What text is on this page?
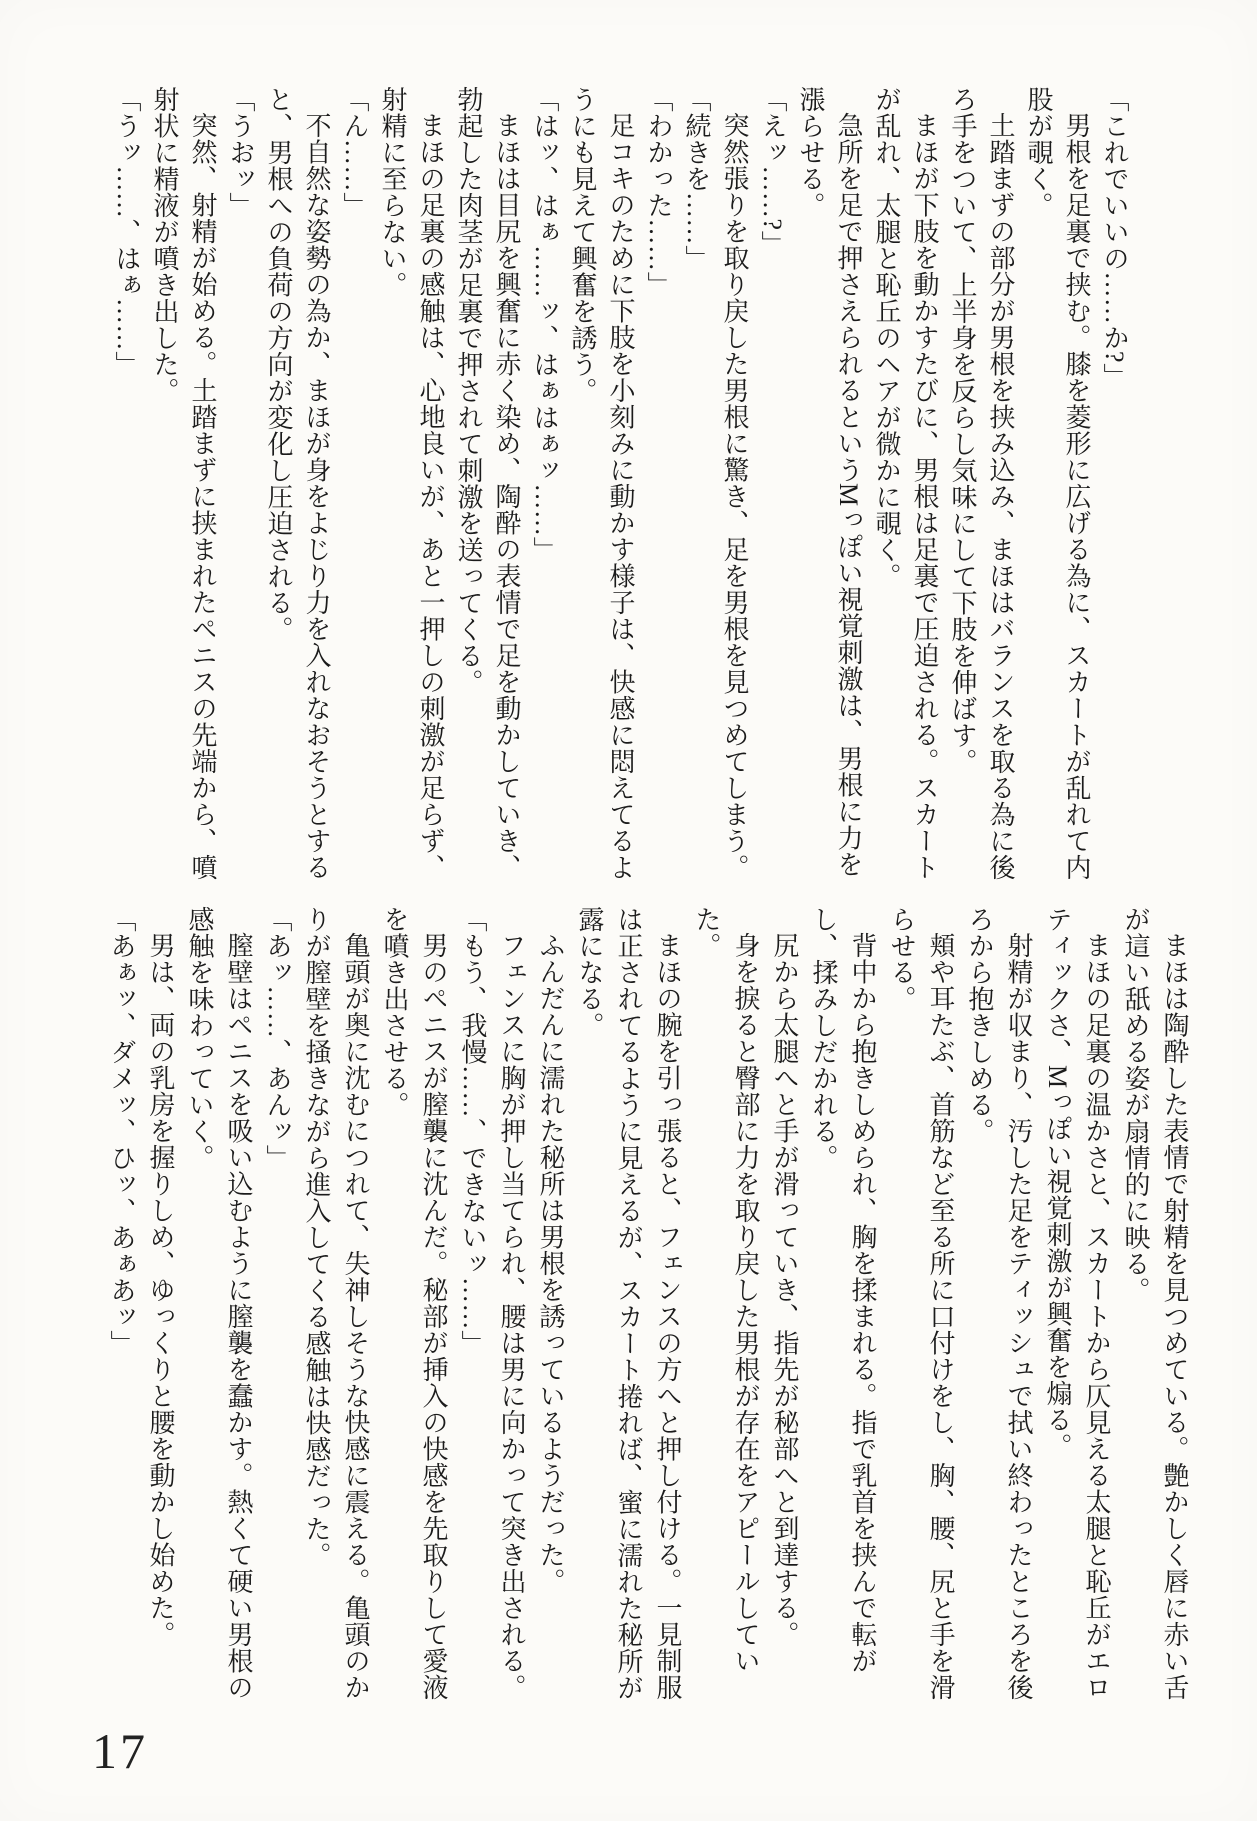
「これでいいの……か?」

男根を足裏で挟む。膝を菱形に広げる為に、スカートが乱れて内股が覗く。

土踏まずの部分が男根を挟み込み、まほはバランスを取る為に後ろ手をついて、上半身を反らし気味にして下肢を伸ばす。

まほが下肢を動かすたびに、男根は足裏で圧迫される。スカートが乱れ、太腿と恥丘のヘアが微かに覗く。

急所を足で押さえられるというMっぽい視覚刺激は、男根に力を漲らせる。

「えッ……?」

突然張りを取り戻した男根に驚き、足を男根を見つめてしまう。

「続きを……」

「わかった……」

足コキのために下肢を小刻みに動かす様子は、快感に悶えてるようにも見えて興奮を誘う。

「はッ、はぁ……ッ、はぁはぁッ……」

まほは目尻を興奮に赤く染め、陶酔の表情で足を動かしていき、勃起した肉茎が足裏で押されて刺激を送ってくる。

まほの足裏の感触は、心地良いが、あと一押しの刺激が足らず、射精に至らない。

「ん……」

不自然な姿勢の為か、まほが身をよじり力を入れなおそうとすると、男根への負荷の方向が変化し圧迫される。

「うおッ」

突然、射精が始める。土踏まずに挟まれたペニスの先端から、噴射状に精液が噴き出した。

「うッ……、はぁ……」

まほは陶酔した表情で射精を見つめている。艶かしく唇に赤い舌が這い舐める姿が扇情的に映る。

まほの足裏の温かさと、スカートから仄見える太腿と恥丘がエロティックさ、Mっぽい視覚刺激が興奮を煽る。

射精が収まり、汚した足をティッシュで拭い終わったところを後ろから抱きしめる。

頬や耳たぶ、首筋など至る所に口付けをし、胸、腰、尻と手を滑らせる。

背中から抱きしめられ、胸を揉まれる。指で乳首を挟んで転がし、揉みしだかれる。

尻から太腿へと手が滑っていき、指先が秘部へと到達する。

身を捩ると臀部に力を取り戻した男根が存在をアピールしていた。

まほの腕を引っ張ると、フェンスの方へと押し付ける。一見制服は正されてるように見えるが、スカート捲れば、蜜に濡れた秘所が露になる。

ふんだんに濡れた秘所は男根を誘っているようだった。

フェンスに胸が押し当てられ、腰は男に向かって突き出される。

「もう、我慢……、できないッ……」

男のペニスが膣襲に沈んだ。秘部が挿入の快感を先取りして愛液を噴き出させる。

亀頭が奥に沈むにつれて、失神しそうな快感に震える。亀頭のかりが膣壁を掻きながら進入してくる感触は快感だった。

「あッ……、あんッ」

膣壁はペニスを吸い込むように膣襲を蠢かす。熱くて硬い男根の感触を味わっていく。

男は、両の乳房を握りしめ、ゆっくりと腰を動かし始めた。

「あぁッ、ダメッ、ひッ、あぁあッ」

17
